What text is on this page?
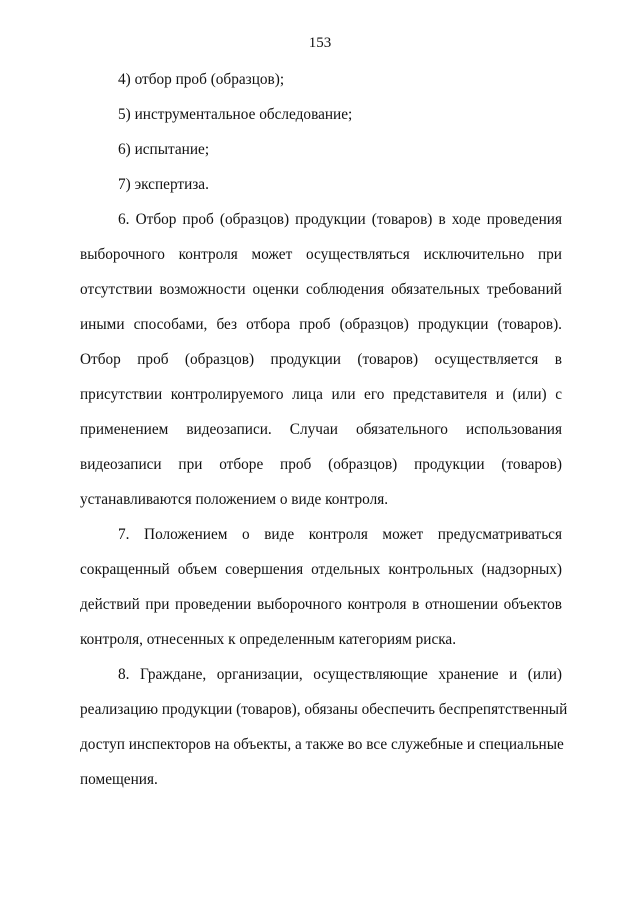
153
4) отбор проб (образцов);
5) инструментальное обследование;
6) испытание;
7) экспертиза.
6. Отбор проб (образцов) продукции (товаров) в ходе проведения
выборочного контроля может осуществляться исключительно при
отсутствии возможности оценки соблюдения обязательных требований
иными способами, без отбора проб (образцов) продукции (товаров).
Отбор проб (образцов) продукции (товаров) осуществляется в
присутствии контролируемого лица или его представителя и (или) с
применением видеозаписи. Случаи обязательного использования
видеозаписи при отборе проб (образцов) продукции (товаров)
устанавливаются положением о виде контроля.
7. Положением о виде контроля может предусматриваться
сокращенный объем совершения отдельных контрольных (надзорных)
действий при проведении выборочного контроля в отношении объектов
контроля, отнесенных к определенным категориям риска.
8. Граждане, организации, осуществляющие хранение и (или)
реализацию продукции (товаров), обязаны обеспечить беспрепятственный
доступ инспекторов на объекты, а также во все служебные и специальные
помещения.
